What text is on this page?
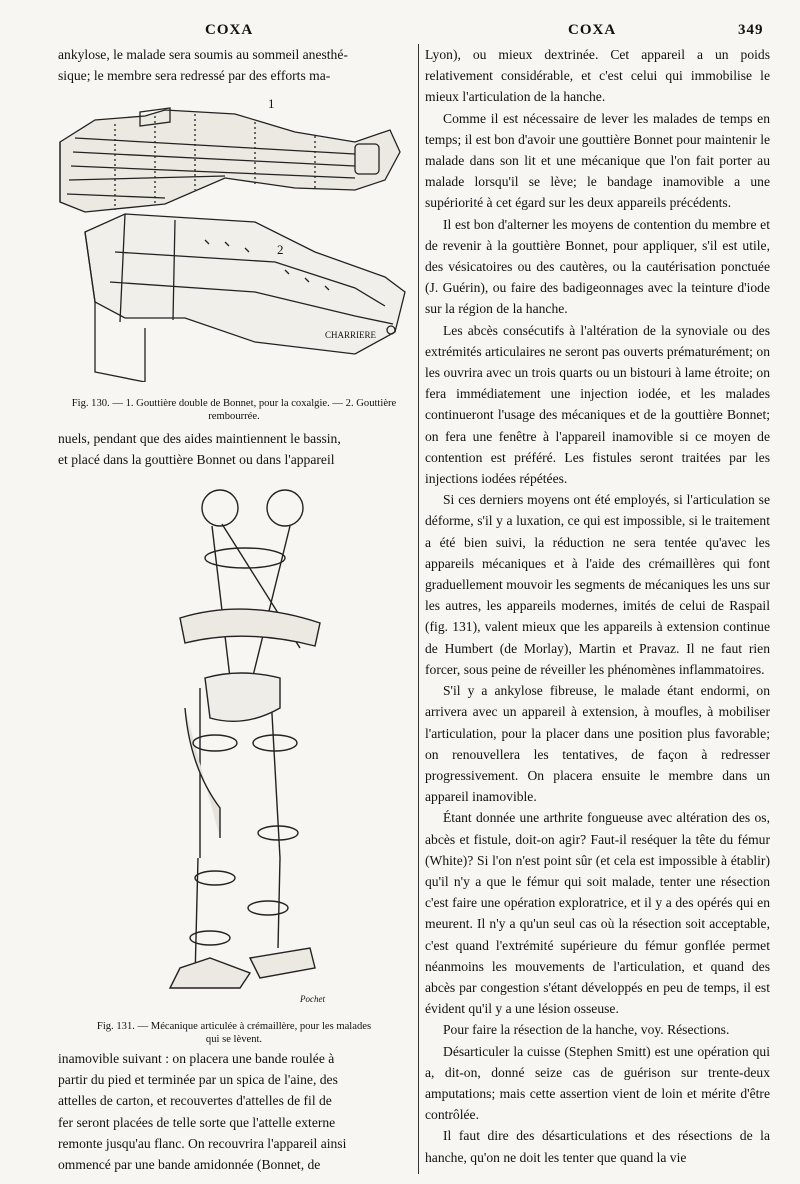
COXA	COXA	349

ankylose, le malade sera soumis au sommeil anesthé-

sique; le membre sera redressé par des efforts ma-

1
2
CHARRIERE
Fig. 130. — 1. Gouttière double de Bonnet, pour la coxalgie. — 2. Gouttière
rembourrée.

nuels, pendant que des aides maintiennent le bassin,

et placé dans la gouttière Bonnet ou dans l'appareil

Pochet
Fig. 131. — Mécanique articulée à crémaillère, pour les malades
qui se lèvent.

inamovible suivant : on placera une bande roulée à

partir du pied et terminée par un spica de l'aine, des

attelles de carton, et recouvertes d'attelles de fil de

fer seront placées de telle sorte que l'attelle externe

remonte jusqu'au flanc. On recouvrira l'appareil ainsi

ommencé par une bande amidonnée (Bonnet, de

Lyon), ou mieux dextrinée. Cet appareil a un poids relativement considérable, et c'est celui qui immobilise le mieux l'articulation de la hanche.

Comme il est nécessaire de lever les malades de temps en temps; il est bon d'avoir une gouttière Bonnet pour maintenir le malade dans son lit et une mécanique que l'on fait porter au malade lorsqu'il se lève; le bandage inamovible a une supériorité à cet égard sur les deux appareils précédents.

Il est bon d'alterner les moyens de contention du membre et de revenir à la gouttière Bonnet, pour appliquer, s'il est utile, des vésicatoires ou des cautères, ou la cautérisation ponctuée (J. Guérin), ou faire des badigeonnages avec la teinture d'iode sur la région de la hanche.

Les abcès consécutifs à l'altération de la synoviale ou des extrémités articulaires ne seront pas ouverts prématurément; on les ouvrira avec un trois quarts ou un bistouri à lame étroite; on fera immédiatement une injection iodée, et les malades continueront l'usage des mécaniques et de la gouttière Bonnet; on fera une fenêtre à l'appareil inamovible si ce moyen de contention est préféré. Les fistules seront traitées par les injections iodées répétées.

Si ces derniers moyens ont été employés, si l'articulation se déforme, s'il y a luxation, ce qui est impossible, si le traitement a été bien suivi, la réduction ne sera tentée qu'avec les appareils mécaniques et à l'aide des crémaillères qui font graduellement mouvoir les segments de mécaniques les uns sur les autres, les appareils modernes, imités de celui de Raspail (fig. 131), valent mieux que les appareils à extension continue de Humbert (de Morlay), Martin et Pravaz. Il ne faut rien forcer, sous peine de réveiller les phénomènes inflammatoires.

S'il y a ankylose fibreuse, le malade étant endormi, on arrivera avec un appareil à extension, à moufles, à mobiliser l'articulation, pour la placer dans une position plus favorable; on renouvellera les tentatives, de façon à redresser progressivement. On placera ensuite le membre dans un appareil inamovible.

Étant donnée une arthrite fongueuse avec altération des os, abcès et fistule, doit-on agir? Faut-il reséquer la tête du fémur (White)? Si l'on n'est point sûr (et cela est impossible à établir) qu'il n'y a que le fémur qui soit malade, tenter une résection c'est faire une opération exploratrice, et il y a des opérés qui en meurent. Il n'y a qu'un seul cas où la résection soit acceptable, c'est quand l'extrémité supérieure du fémur gonflée permet néanmoins les mouvements de l'articulation, et quand des abcès par congestion s'étant développés en peu de temps, il est évident qu'il y a une lésion osseuse.

Pour faire la résection de la hanche, voy. Résections.

Désarticuler la cuisse (Stephen Smitt) est une opération qui a, dit-on, donné seize cas de guérison sur trente-deux amputations; mais cette assertion vient de loin et mérite d'être contrôlée.

Il faut dire des désarticulations et des résections de la hanche, qu'on ne doit les tenter que quand la vie
